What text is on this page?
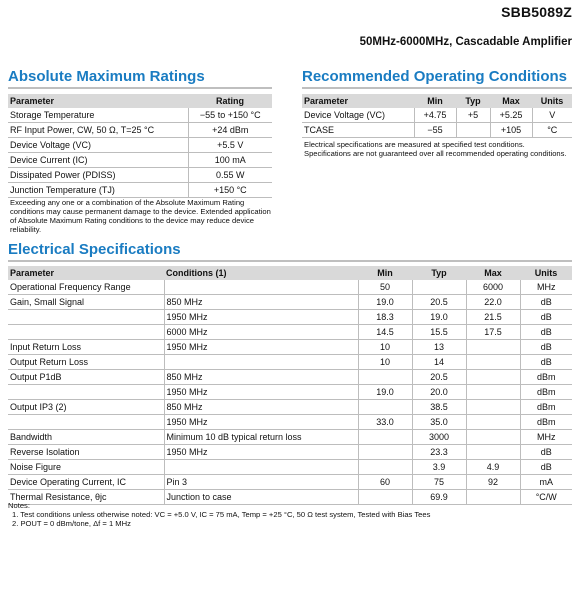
SBB5089Z
50MHz-6000MHz, Cascadable Amplifier
Absolute Maximum Ratings
Parameter	Rating
Storage Temperature	−55 to +150 °C
RF Input Power, CW, 50 Ω, T=25 °C	+24 dBm
Device Voltage (VC)	+5.5 V
Device Current (IC)	100 mA
Dissipated Power (PDISS)	0.55 W
Junction Temperature (TJ)	+150 °C
Exceeding any one or a combination of the Absolute Maximum Rating conditions may cause permanent damage to the device. Extended application of Absolute Maximum Rating conditions to the device may reduce device reliability.
Recommended Operating Conditions
Parameter	Min	Typ	Max	Units
Device Voltage (VC)	+4.75	+5	+5.25	V
TCASE	−55		+105	°C
Electrical specifications are measured at specified test conditions. Specifications are not guaranteed over all recommended operating conditions.
Electrical Specifications
Parameter	Conditions (1)	Min	Typ	Max	Units
Operational Frequency Range		50		6000	MHz
Gain, Small Signal	850 MHz	19.0	20.5	22.0	dB
	1950 MHz	18.3	19.0	21.5	dB
	6000 MHz	14.5	15.5	17.5	dB
Input Return Loss	1950 MHz	10	13		dB
Output Return Loss		10	14		dB
Output P1dB	850 MHz		20.5		dBm
	1950 MHz	19.0	20.0		dBm
Output IP3 (2)	850 MHz		38.5		dBm
	1950 MHz	33.0	35.0		dBm
Bandwidth	Minimum 10 dB typical return loss		3000		MHz
Reverse Isolation	1950 MHz		23.3		dB
Noise Figure			3.9	4.9	dB
Device Operating Current, IC	Pin 3	60	75	92	mA
Thermal Resistance, θjc	Junction to case		69.9		°C/W
Notes:
1. Test conditions unless otherwise noted: VC = +5.0 V, IC = 75 mA, Temp = +25 °C, 50 Ω test system, Tested with Bias Tees
2. POUT = 0 dBm/tone, Δf = 1 MHz
